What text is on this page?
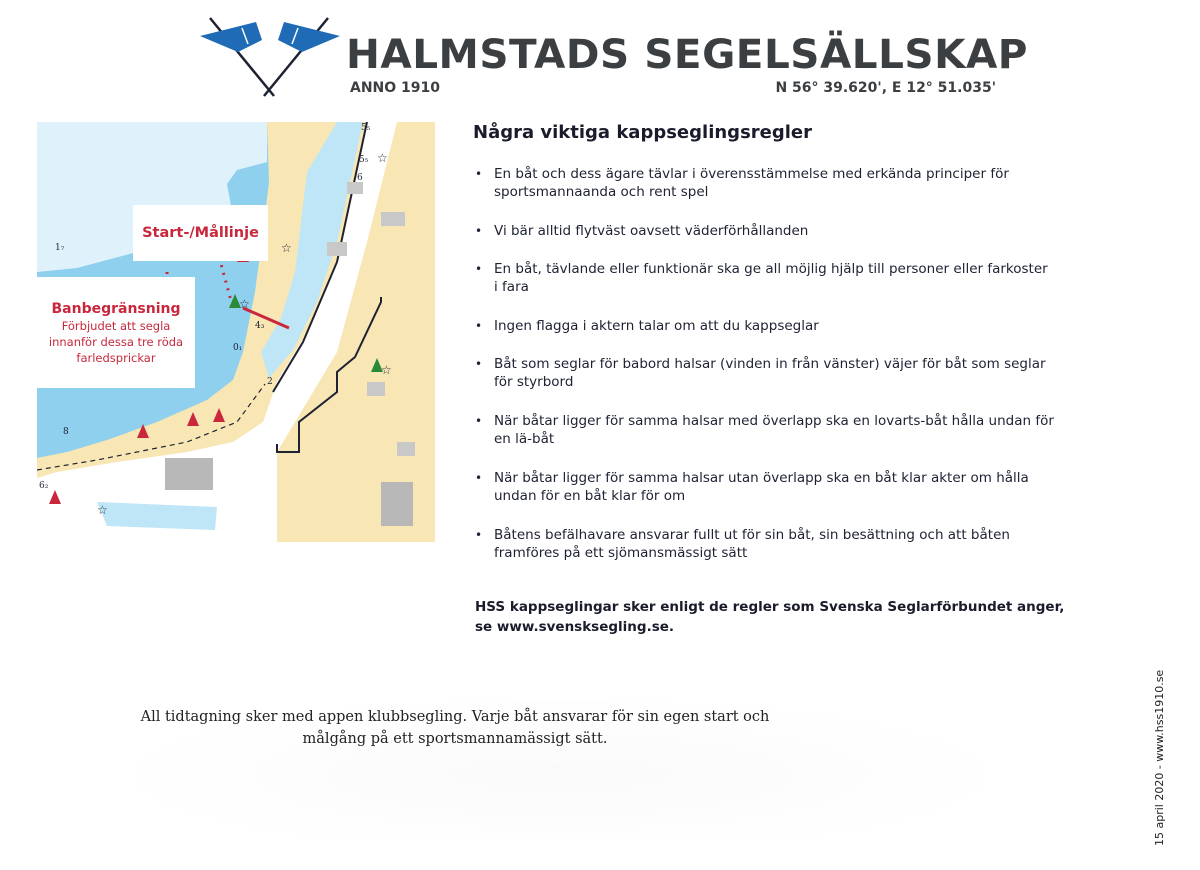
HALMSTADS SEGELSÄLLSKAP
ANNO 1910	N 56° 39.620', E 12° 51.035'
☆
☆
☆
☆
☆
5₅
5₅
6
1₇
4₃
0₁
8
6₂
2
Start-/Mållinje
Banbegränsning
Förbjudet att segla innanför dessa tre röda farledsprickar
Några viktiga kappseglingsregler
• En båt och dess ägare tävlar i överensstämmelse med erkända principer för sportsmannaanda och rent spel
• Vi bär alltid flytväst oavsett väderförhållanden
• En båt, tävlande eller funktionär ska ge all möjlig hjälp till personer eller farkoster i fara
• Ingen flagga i aktern talar om att du kappseglar
• Båt som seglar för babord halsar (vinden in från vänster) väjer för båt som seglar för styrbord
• När båtar ligger för samma halsar med överlapp ska en lovarts-båt hålla undan för en lä-båt
• När båtar ligger för samma halsar utan överlapp ska en båt klar akter om hålla undan för en båt klar för om
• Båtens befälhavare ansvarar fullt ut för sin båt, sin besättning och att båten framföres på ett sjömansmässigt sätt
HSS kappseglingar sker enligt de regler som Svenska Seglarförbundet anger, se www.svensksegling.se.
All tidtagning sker med appen klubbsegling. Varje båt ansvarar för sin egen start och målgång på ett sportsmannamässigt sätt.	15 april 2020 - www.hss1910.se
